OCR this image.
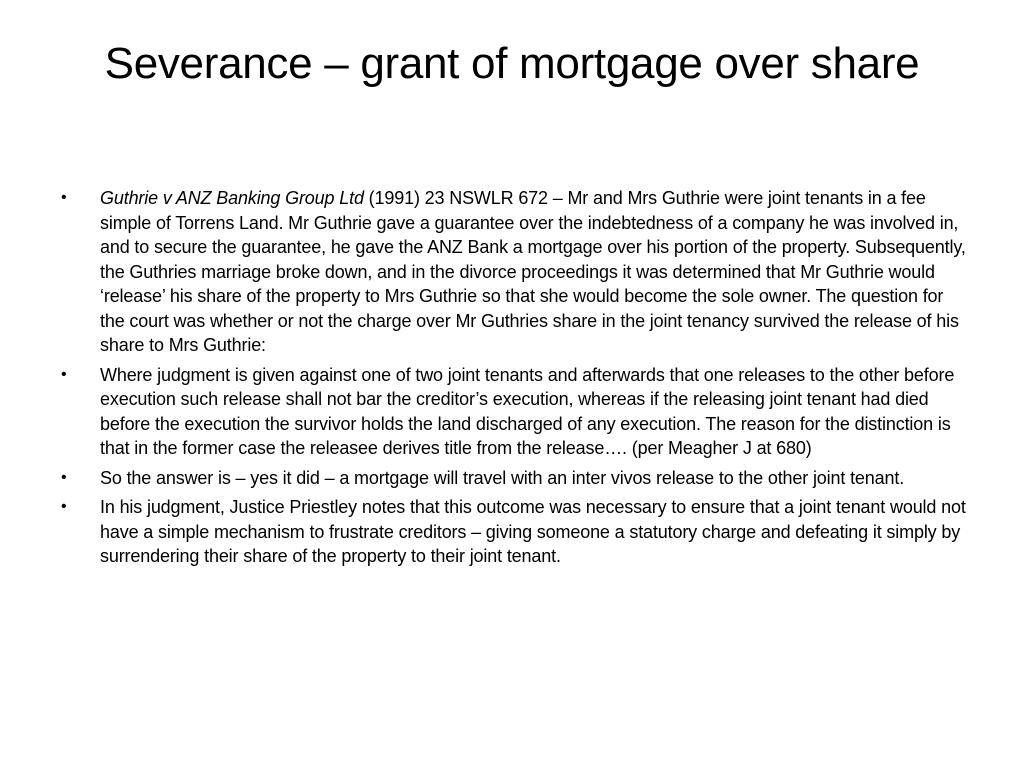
Severance – grant of mortgage over share
• Guthrie v ANZ Banking Group Ltd (1991) 23 NSWLR 672 – Mr and Mrs Guthrie were joint tenants in a fee simple of Torrens Land. Mr Guthrie gave a guarantee over the indebtedness of a company he was involved in, and to secure the guarantee, he gave the ANZ Bank a mortgage over his portion of the property. Subsequently, the Guthries marriage broke down, and in the divorce proceedings it was determined that Mr Guthrie would ‘release’ his share of the property to Mrs Guthrie so that she would become the sole owner. The question for the court was whether or not the charge over Mr Guthries share in the joint tenancy survived the release of his share to Mrs Guthrie:
• Where judgment is given against one of two joint tenants and afterwards that one releases to the other before execution such release shall not bar the creditor’s execution, whereas if the releasing joint tenant had died before the execution the survivor holds the land discharged of any execution. The reason for the distinction is that in the former case the releasee derives title from the release…. (per Meagher J at 680)
• So the answer is – yes it did – a mortgage will travel with an inter vivos release to the other joint tenant.
• In his judgment, Justice Priestley notes that this outcome was necessary to ensure that a joint tenant would not have a simple mechanism to frustrate creditors – giving someone a statutory charge and defeating it simply by surrendering their share of the property to their joint tenant.
